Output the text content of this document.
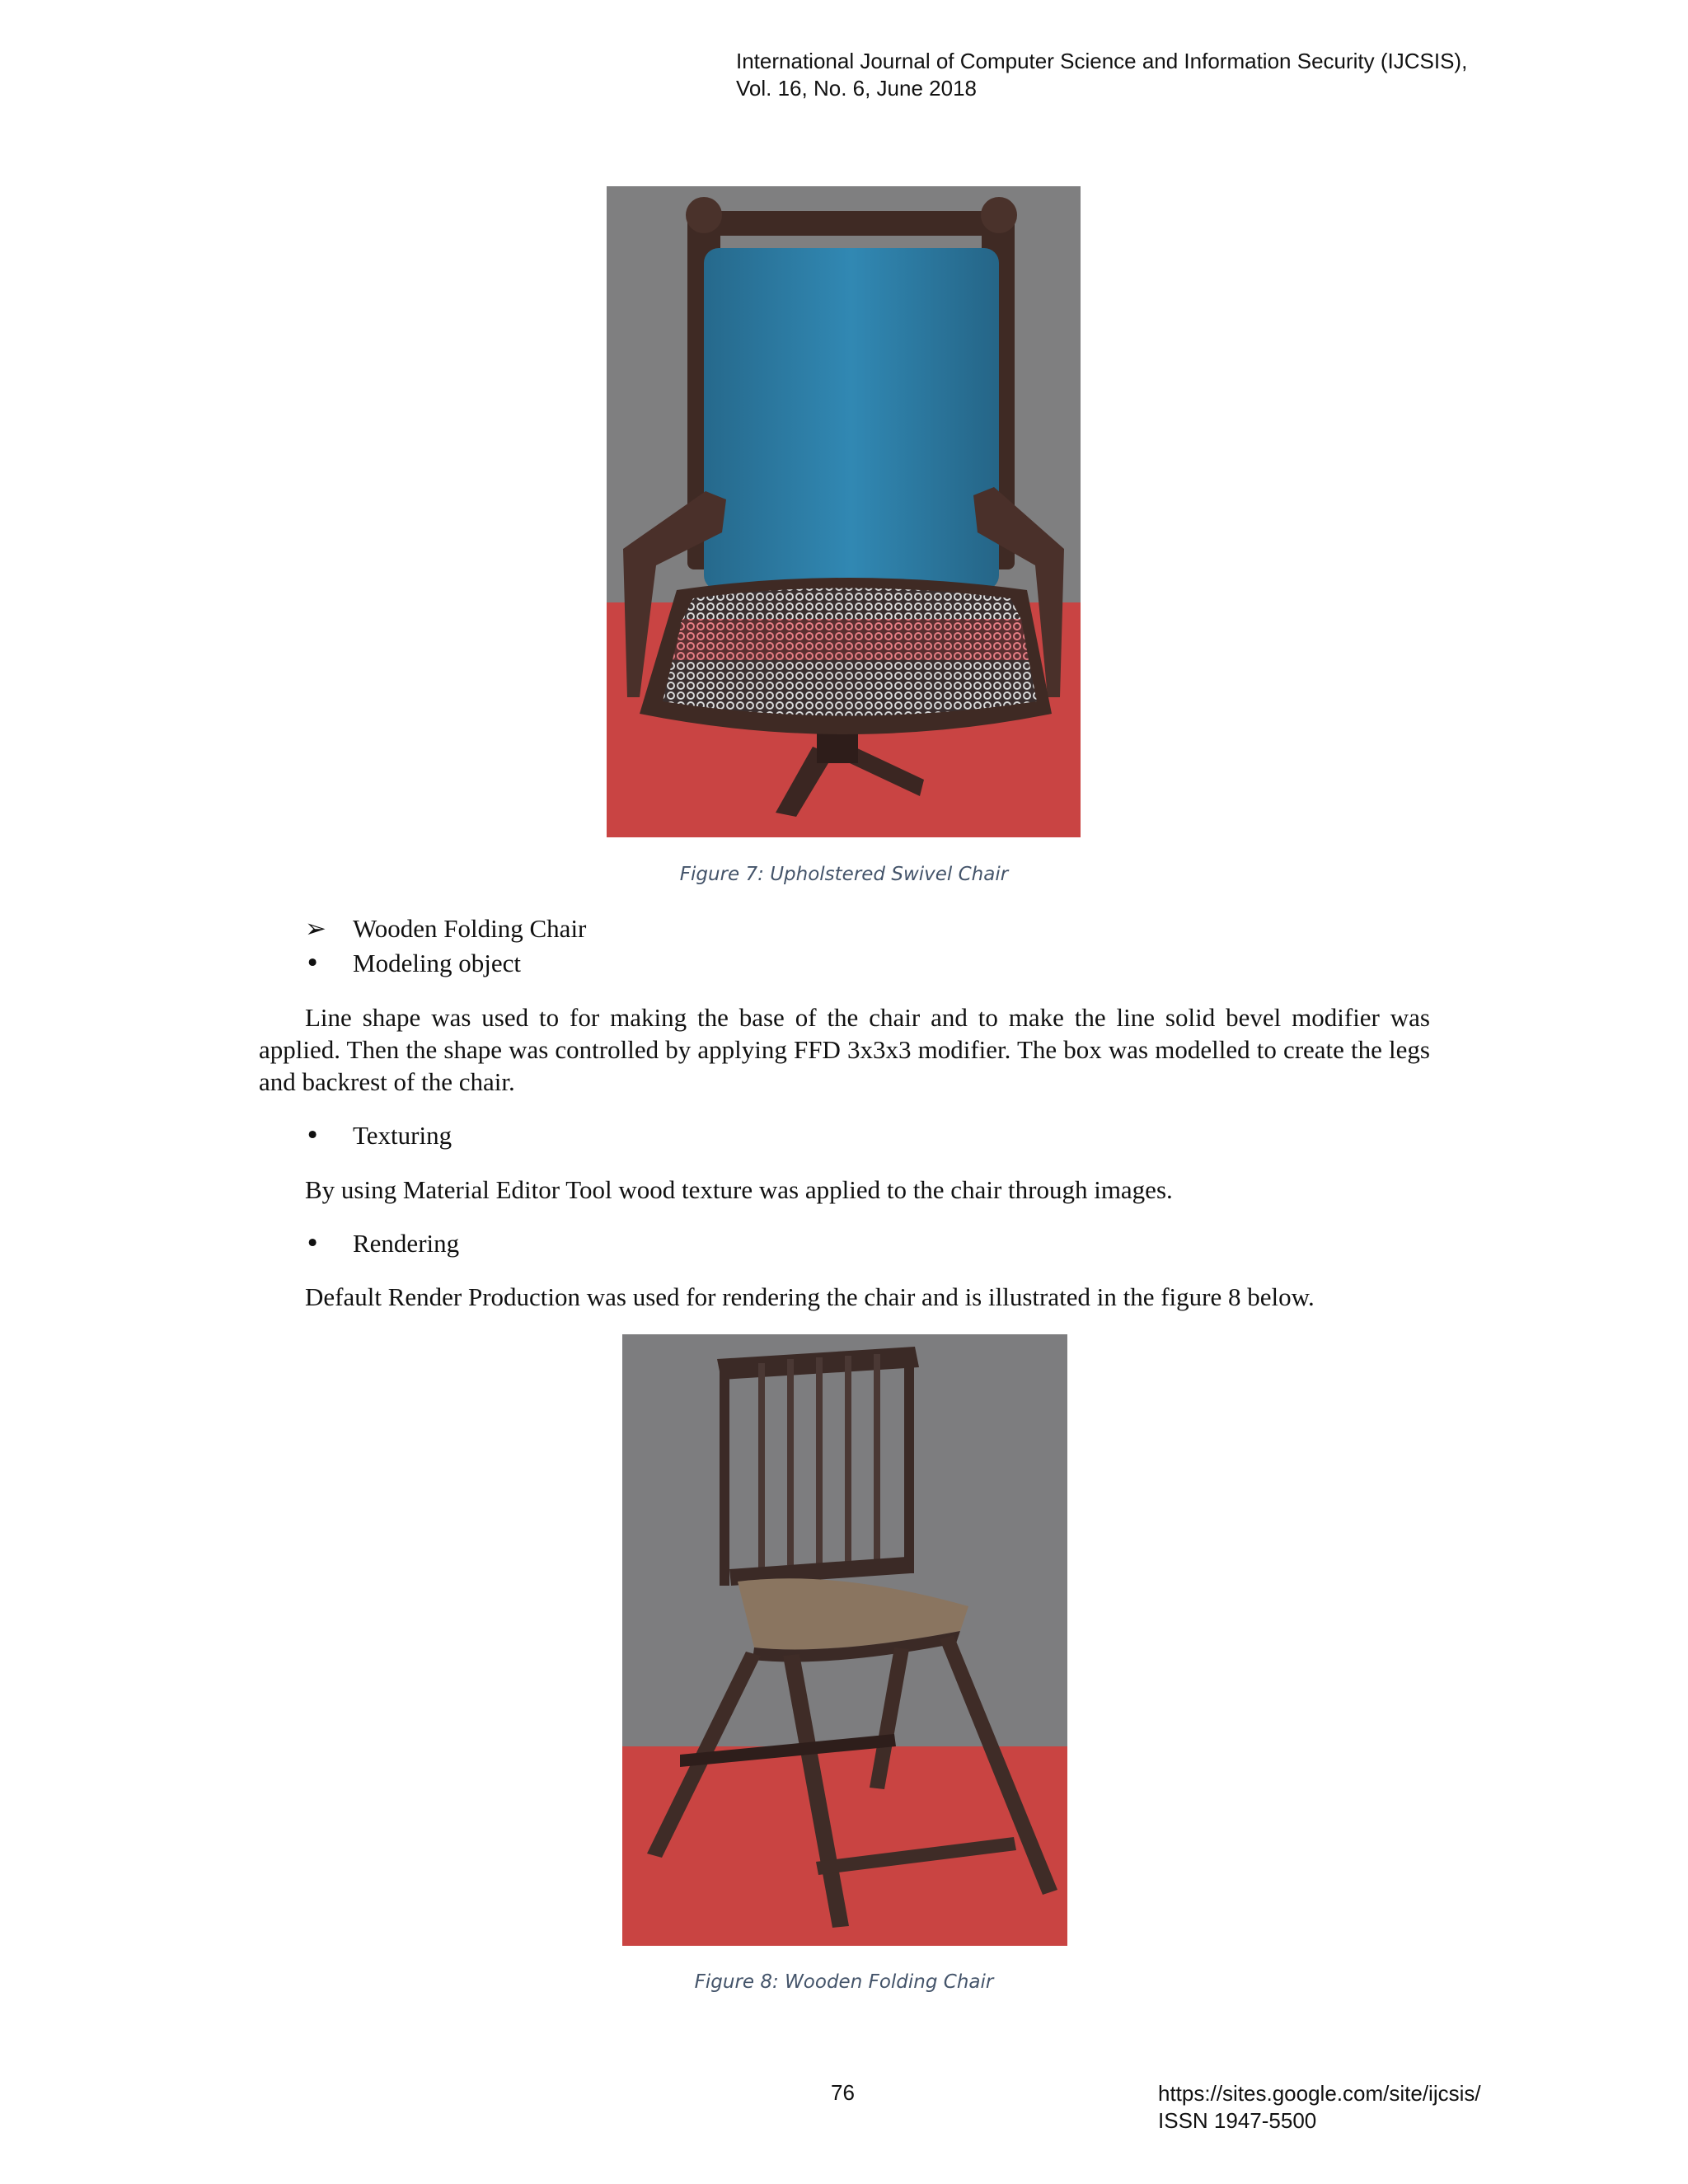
International Journal of Computer Science and Information Security (IJCSIS),
Vol. 16, No. 6, June 2018
Figure 7: Upholstered Swivel Chair
➢	Wooden Folding Chair
•	Modeling object

Line shape was used to for making the base of the chair and to make the line solid bevel modifier was applied. Then the shape was controlled by applying FFD 3x3x3 modifier. The box was modelled to create the legs and backrest of the chair.

•	Texturing

By using Material Editor Tool wood texture was applied to the chair through images.

•	Rendering

Default Render Production was used for rendering the chair and is illustrated in the figure 8 below.

Figure 8: Wooden Folding Chair
76	https://sites.google.com/site/ijcsis/
ISSN 1947-5500
